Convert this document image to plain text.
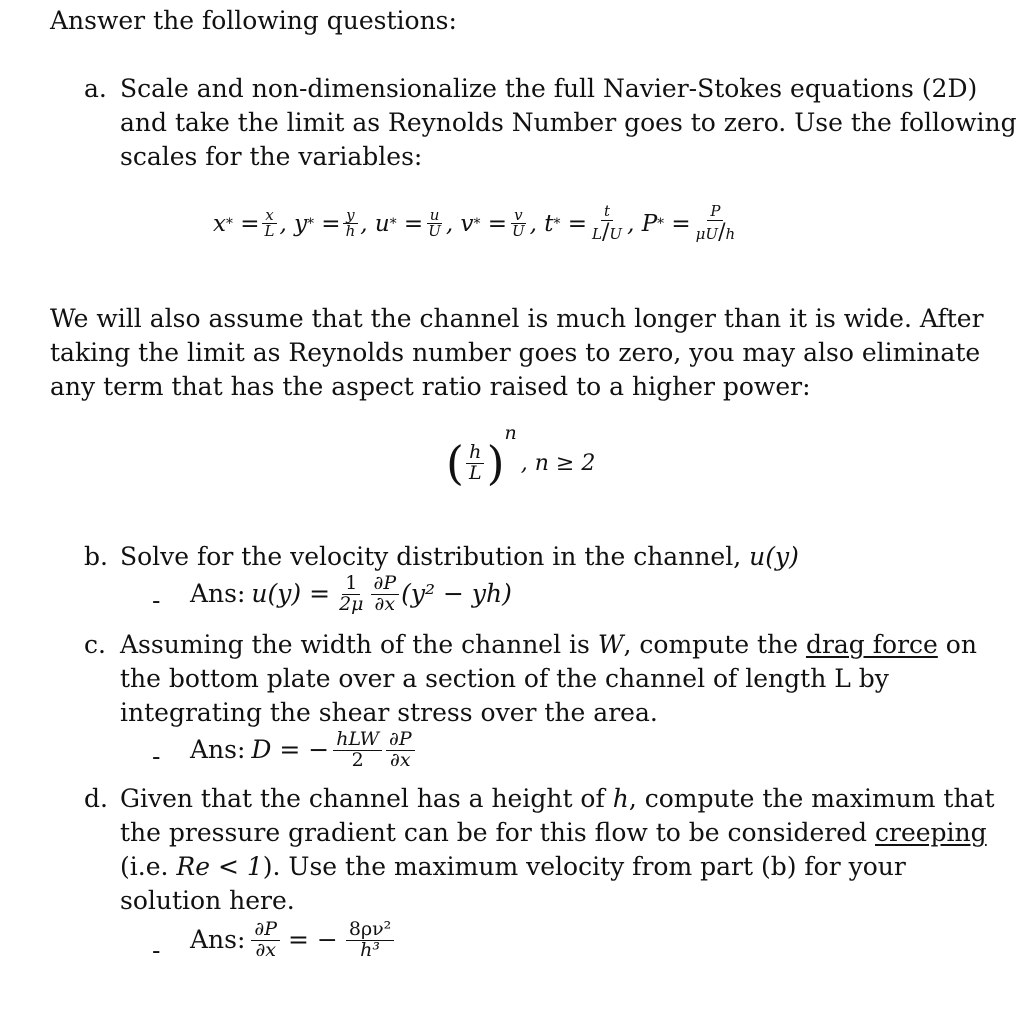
Answer the following questions:
a. Scale and non-dimensionalize the full Navier-Stokes equations (2D)
and take the limit as Reynolds Number goes to zero. Use the following
scales for the variables:
x * = $\frac{x}{L}$ , y * = $\frac{y}{h}$ , u * = $\frac{u}{U}$ , v * = $\frac{v}{U}$ , t * = $\frac{t}{L/U}$ , P * = $\frac{P}{\mu U/h}$
We will also assume that the channel is much longer than it is wide. After
taking the limit as Reynolds number goes to zero, you may also eliminate
any term that has the aspect ratio raised to a higher power:
( $\frac{h}{L}$ )
n
, n ≥ 2
b. Solve for the velocity distribution in the channel, u(y)
- Ans: $u(y) = \frac{1}{2\mu} \frac{\partial P}{\partial x} (y^2 - yh)$
c. Assuming the width of the channel is W, compute the drag force on
the bottom plate over a section of the channel of length L by
integrating the shear stress over the area.
- Ans: D = − $\frac{\text{hLW}}{2} \frac{\partial P}{\partial x}$
d. Given that the channel has a height of h, compute the maximum that
the pressure gradient can be for this flow to be considered creeping
(i.e. Re < 1). Use the maximum velocity from part (b) for your
solution here.
- Ans: $\frac{\partial P}{\partial x}$ = − $\frac{\text{8ρν²}}{\text{h³}}$
